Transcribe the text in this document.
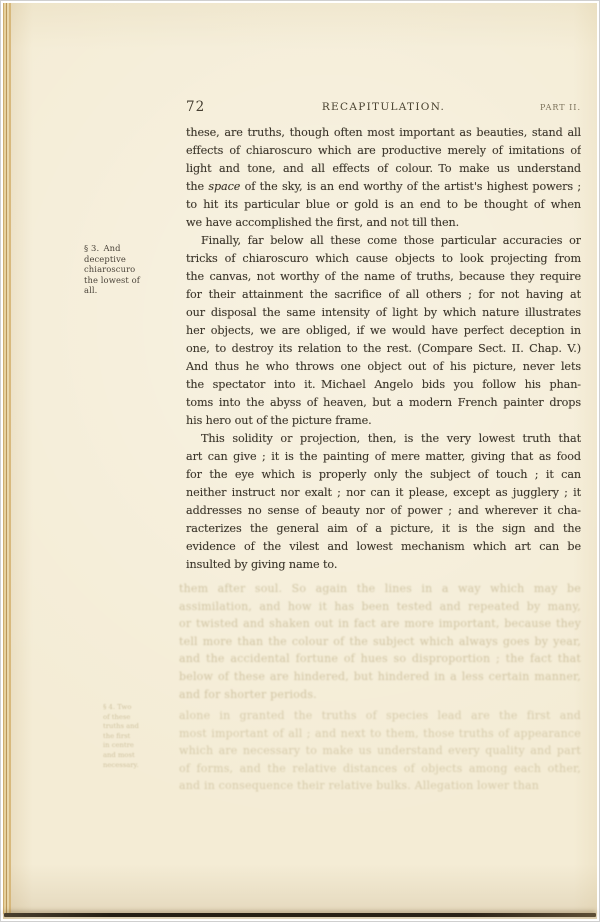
72	RECAPITULATION.	PART II.
§ 3. And
deceptive
chiaroscuro
the lowest of
all.
these, are truths, though often most important as beauties, stand all
effects of chiaroscuro which are productive merely of imitations of
light and tone, and all effects of colour. To make us understand
the space of the sky, is an end worthy of the artist's highest powers ;
to hit its particular blue or gold is an end to be thought of when
we have accomplished the first, and not till then.
Finally, far below all these come those particular accuracies or
tricks of chiaroscuro which cause objects to look projecting from
the canvas, not worthy of the name of truths, because they require
for their attainment the sacrifice of all others ; for not having at
our disposal the same intensity of light by which nature illustrates
her objects, we are obliged, if we would have perfect deception in
one, to destroy its relation to the rest. (Compare Sect. II. Chap. V.)
And thus he who throws one object out of his picture, never lets
the spectator into it. Michael Angelo bids you follow his phan-
toms into the abyss of heaven, but a modern French painter drops
his hero out of the picture frame.
This solidity or projection, then, is the very lowest truth that
art can give ; it is the painting of mere matter, giving that as food
for the eye which is properly only the subject of touch ; it can
neither instruct nor exalt ; nor can it please, except as jugglery ; it
addresses no sense of beauty nor of power ; and wherever it cha-
racterizes the general aim of a picture, it is the sign and the
evidence of the vilest and lowest mechanism which art can be
insulted by giving name to.
them after soul. So again the lines in a way which may be
assimilation, and how it has been tested and repeated by many,
or twisted and shaken out in fact are more important, because they
tell more than the colour of the subject which always goes by year,
and the accidental fortune of hues so disproportion ; the fact that
below of these are hindered, but hindered in a less certain manner,
and for shorter periods.
alone in granted the truths of species lead are the first and
most important of all ; and next to them, those truths of appearance
which are necessary to make us understand every quality and part
of forms, and the relative distances of objects among each other,
and in consequence their relative bulks. Allegation lower than
§ 4. Two
of these
truths and
the first
in centre
and most
necessary.
